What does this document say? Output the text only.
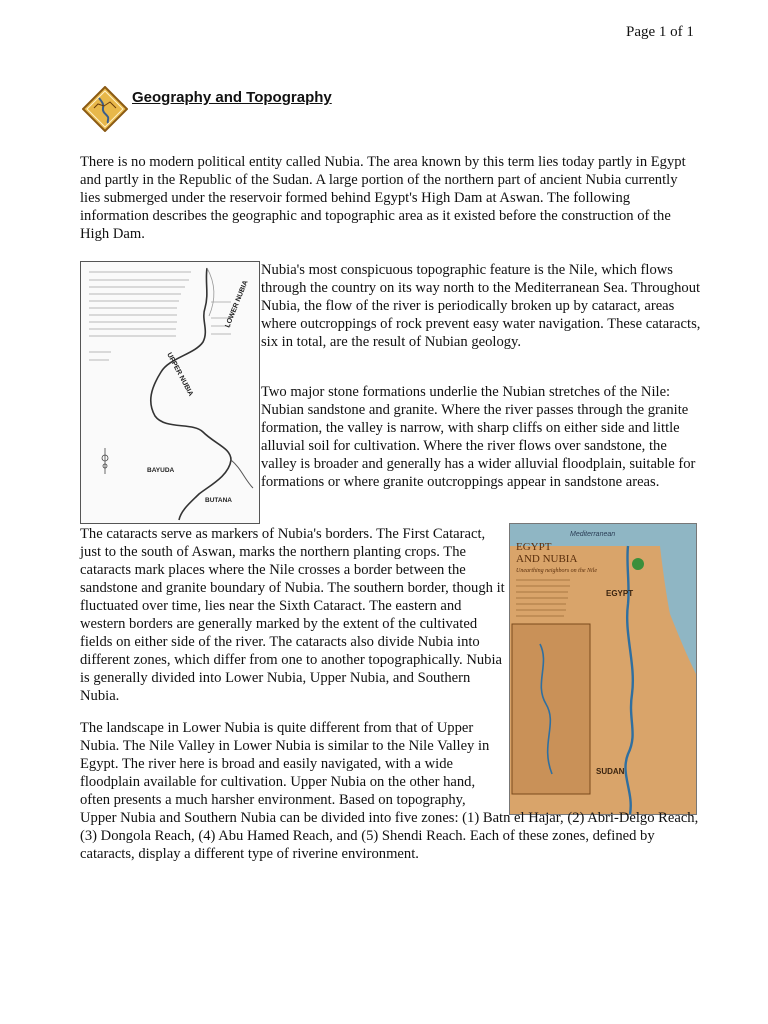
Page 1 of 1
Geography and Topography

There is no modern political entity called Nubia. The area known by this term lies today partly in Egypt and partly in the Republic of the Sudan. A large portion of the northern part of ancient Nubia currently lies submerged under the reservoir formed behind Egypt's High Dam at Aswan. The following information describes the geographic and topographic area as it existed before the construction of the High Dam.

LOWER NUBIA
UPPER NUBIA
BAYUDA
BUTANA

Nubia's most conspicuous topographic feature is the Nile, which flows through the country on its way north to the Mediterranean Sea. Throughout Nubia, the flow of the river is periodically broken up by cataract, areas where outcroppings of rock prevent easy water navigation. These cataracts, six in total, are the result of Nubian geology.

Two major stone formations underlie the Nubian stretches of the Nile: Nubian sandstone and granite. Where the river passes through the granite formation, the valley is narrow, with sharp cliffs on either side and little alluvial soil for cultivation. Where the river flows over sandstone, the valley is broader and generally has a wider alluvial floodplain, suitable for formations or where granite outcroppings appear in sandstone areas.

Mediterranean
EGYPT
AND NUBIA
Unearthing neighbors on the Nile
EGYPT
SUDAN

The cataracts serve as markers of Nubia's borders. The First Cataract, just to the south of Aswan, marks the northern planting crops. The cataracts mark places where the Nile crosses a border between the sandstone and granite boundary of Nubia. The southern border, though it fluctuated over time, lies near the Sixth Cataract. The eastern and western borders are generally marked by the extent of the cultivated fields on either side of the river. The cataracts also divide Nubia into different zones, which differ from one to another topographically. Nubia is generally divided into Lower Nubia, Upper Nubia, and Southern Nubia.

The landscape in Lower Nubia is quite different from that of Upper Nubia. The Nile Valley in Lower Nubia is similar to the Nile Valley in Egypt. The river here is broad and easily navigated, with a wide floodplain available for cultivation. Upper Nubia on the other hand, often presents a much harsher environment. Based on topography,

Upper Nubia and Southern Nubia can be divided into five zones: (1) Batn el Hajar, (2) Abri-Delgo Reach, (3) Dongola Reach, (4) Abu Hamed Reach, and (5) Shendi Reach. Each of these zones, defined by cataracts, display a different type of riverine environment.
